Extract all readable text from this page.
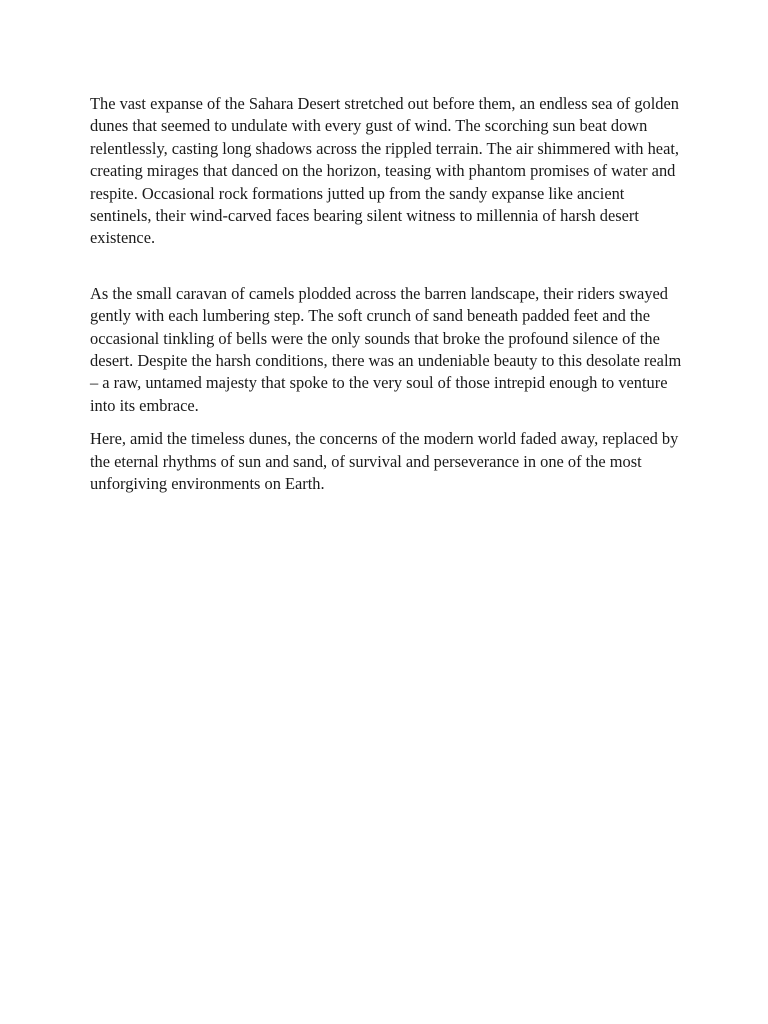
The vast expanse of the Sahara Desert stretched out before them, an endless sea of golden dunes that seemed to undulate with every gust of wind. The scorching sun beat down relentlessly, casting long shadows across the rippled terrain. The air shimmered with heat, creating mirages that danced on the horizon, teasing with phantom promises of water and respite. Occasional rock formations jutted up from the sandy expanse like ancient sentinels, their wind-carved faces bearing silent witness to millennia of harsh desert existence.

As the small caravan of camels plodded across the barren landscape, their riders swayed gently with each lumbering step. The soft crunch of sand beneath padded feet and the occasional tinkling of bells were the only sounds that broke the profound silence of the desert. Despite the harsh conditions, there was an undeniable beauty to this desolate realm – a raw, untamed majesty that spoke to the very soul of those intrepid enough to venture into its embrace.

Here, amid the timeless dunes, the concerns of the modern world faded away, replaced by the eternal rhythms of sun and sand, of survival and perseverance in one of the most unforgiving environments on Earth.
